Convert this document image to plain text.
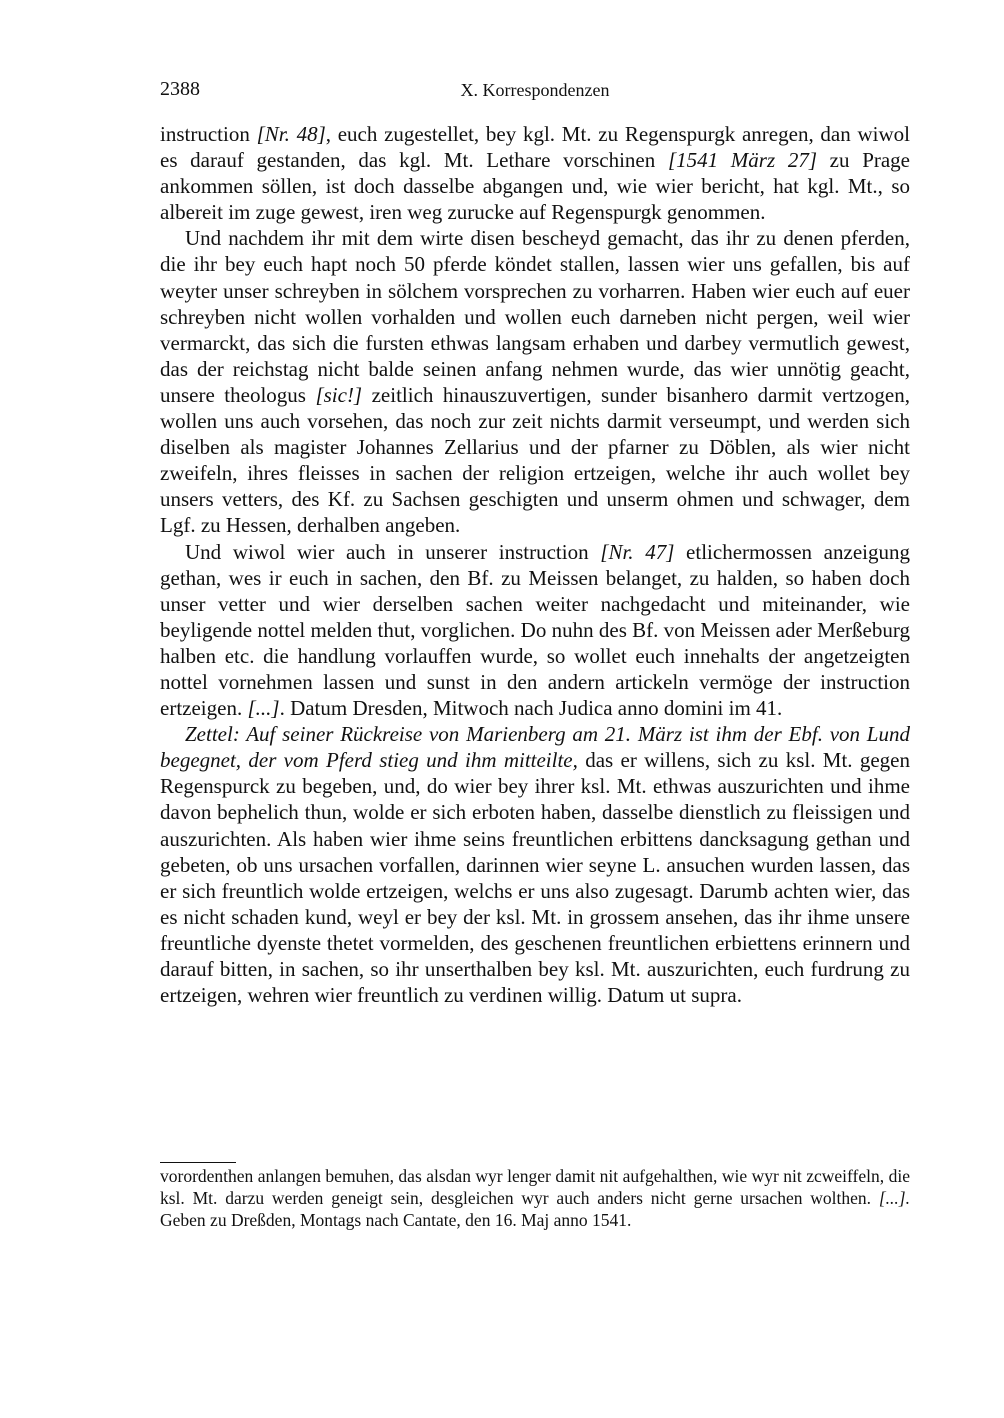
2388	X. Korrespondenzen

instruction [Nr. 48], euch zugestellet, bey kgl. Mt. zu Regenspurgk anregen, dan wiwol es darauf gestanden, das kgl. Mt. Lethare vorschinen [1541 März 27] zu Prage ankommen söllen, ist doch dasselbe abgangen und, wie wier bericht, hat kgl. Mt., so albereit im zuge gewest, iren weg zurucke auf Regenspurgk genommen.

Und nachdem ihr mit dem wirte disen bescheyd gemacht, das ihr zu denen pferden, die ihr bey euch hapt noch 50 pferde köndet stallen, lassen wier uns gefallen, bis auf weyter unser schreyben in sölchem vorsprechen zu vorharren. Haben wier euch auf euer schreyben nicht wollen vorhalden und wollen euch darneben nicht pergen, weil wier vermarckt, das sich die fursten ethwas langsam erhaben und darbey vermutlich gewest, das der reichstag nicht balde seinen anfang nehmen wurde, das wier unnötig geacht, unsere theologus [sic!] zeitlich hinauszuvertigen, sunder bisanhero darmit vertzogen, wollen uns auch vorsehen, das noch zur zeit nichts darmit verseumpt, und werden sich diselben als magister Johannes Zellarius und der pfarner zu Döblen, als wier nicht zweifeln, ihres fleisses in sachen der religion ertzeigen, welche ihr auch wollet bey unsers vetters, des Kf. zu Sachsen geschigten und unserm ohmen und schwager, dem Lgf. zu Hessen, derhalben angeben.

Und wiwol wier auch in unserer instruction [Nr. 47] etlichermossen anzeigung gethan, wes ir euch in sachen, den Bf. zu Meissen belanget, zu halden, so haben doch unser vetter und wier derselben sachen weiter nachgedacht und miteinander, wie beyligende nottel melden thut, vorglichen. Do nuhn des Bf. von Meissen ader Merßeburg halben etc. die handlung vorlauffen wurde, so wollet euch innehalts der angetzeigten nottel vornehmen lassen und sunst in den andern artickeln vermöge der instruction ertzeigen. [...]. Datum Dresden, Mitwoch nach Judica anno domini im 41.

Zettel: Auf seiner Rückreise von Marienberg am 21. März ist ihm der Ebf. von Lund begegnet, der vom Pferd stieg und ihm mitteilte, das er willens, sich zu ksl. Mt. gegen Regenspurck zu begeben, und, do wier bey ihrer ksl. Mt. ethwas auszurichten und ihme davon bephelich thun, wolde er sich erboten haben, dasselbe dienstlich zu fleissigen und auszurichten. Als haben wier ihme seins freuntlichen erbittens dancksagung gethan und gebeten, ob uns ursachen vorfallen, darinnen wier seyne L. ansuchen wurden lassen, das er sich freuntlich wolde ertzeigen, welchs er uns also zugesagt. Darumb achten wier, das es nicht schaden kund, weyl er bey der ksl. Mt. in grossem ansehen, das ihr ihme unsere freuntliche dyenste thetet vormelden, des geschenen freuntlichen erbiettens erinnern und darauf bitten, in sachen, so ihr unserthalben bey ksl. Mt. auszurichten, euch furdrung zu ertzeigen, wehren wier freuntlich zu verdinen willig. Datum ut supra.

vorordenthen anlangen bemuhen, das alsdan wyr lenger damit nit aufgehalthen, wie wyr nit zcweiffeln, die ksl. Mt. darzu werden geneigt sein, desgleichen wyr auch anders nicht gerne ursachen wolthen. [...]. Geben zu Dreßden, Montags nach Cantate, den 16. Maj anno 1541.
